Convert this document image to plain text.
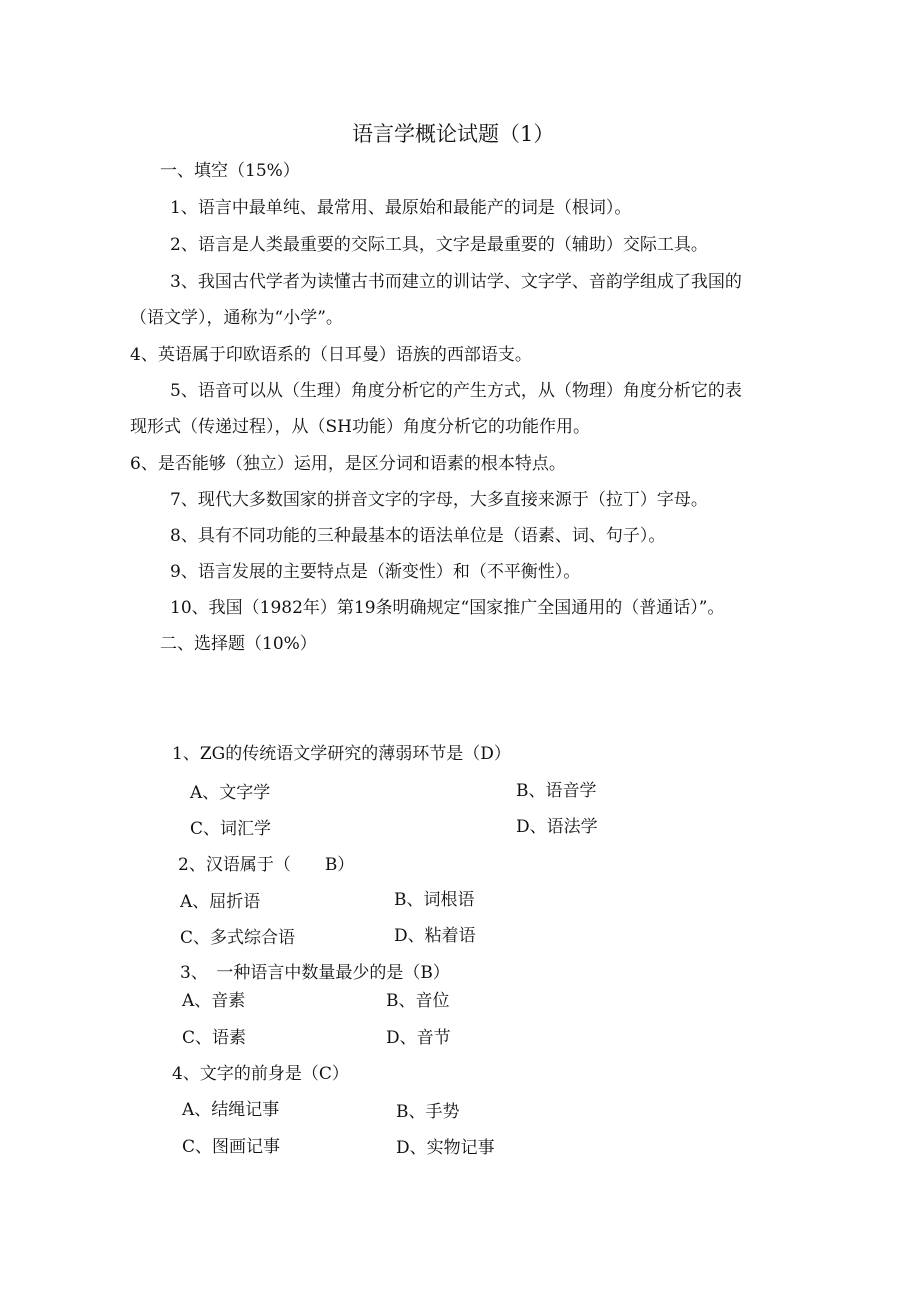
语言学概论试题（1）
一、填空（15%）
1、语言中最单纯、最常用、最原始和最能产的词是（根词）。
2、语言是人类最重要的交际工具，文字是最重要的（辅助）交际工具。
3、我国古代学者为读懂古书而建立的训诂学、文字学、音韵学组成了我国的
（语文学），通称为“小学”。
4、英语属于印欧语系的（日耳曼）语族的西部语支。
5、语音可以从（生理）角度分析它的产生方式，从（物理）角度分析它的表
现形式（传递过程），从（SH功能）角度分析它的功能作用。
6、是否能够（独立）运用，是区分词和语素的根本特点。
7、现代大多数国家的拼音文字的字母，大多直接来源于（拉丁）字母。
8、具有不同功能的三种最基本的语法单位是（语素、词、句子）。
9、语言发展的主要特点是（渐变性）和（不平衡性）。
10、我国（1982年）第19条明确规定“国家推广全国通用的（普通话）”。
二、选择题（10%）
1、ZG的传统语文学研究的薄弱环节是（D）
A、文字学	B、语音学
C、词汇学	D、语法学
2、汉语属于（　　B）
A、屈折语	B、词根语
C、多式综合语	D、粘着语
3、　一种语言中数量最少的是（B）
A、音素	B、音位
C、语素	D、音节
4、文字的前身是（C）
A、结绳记事	B、手势
C、图画记事	D、实物记事
